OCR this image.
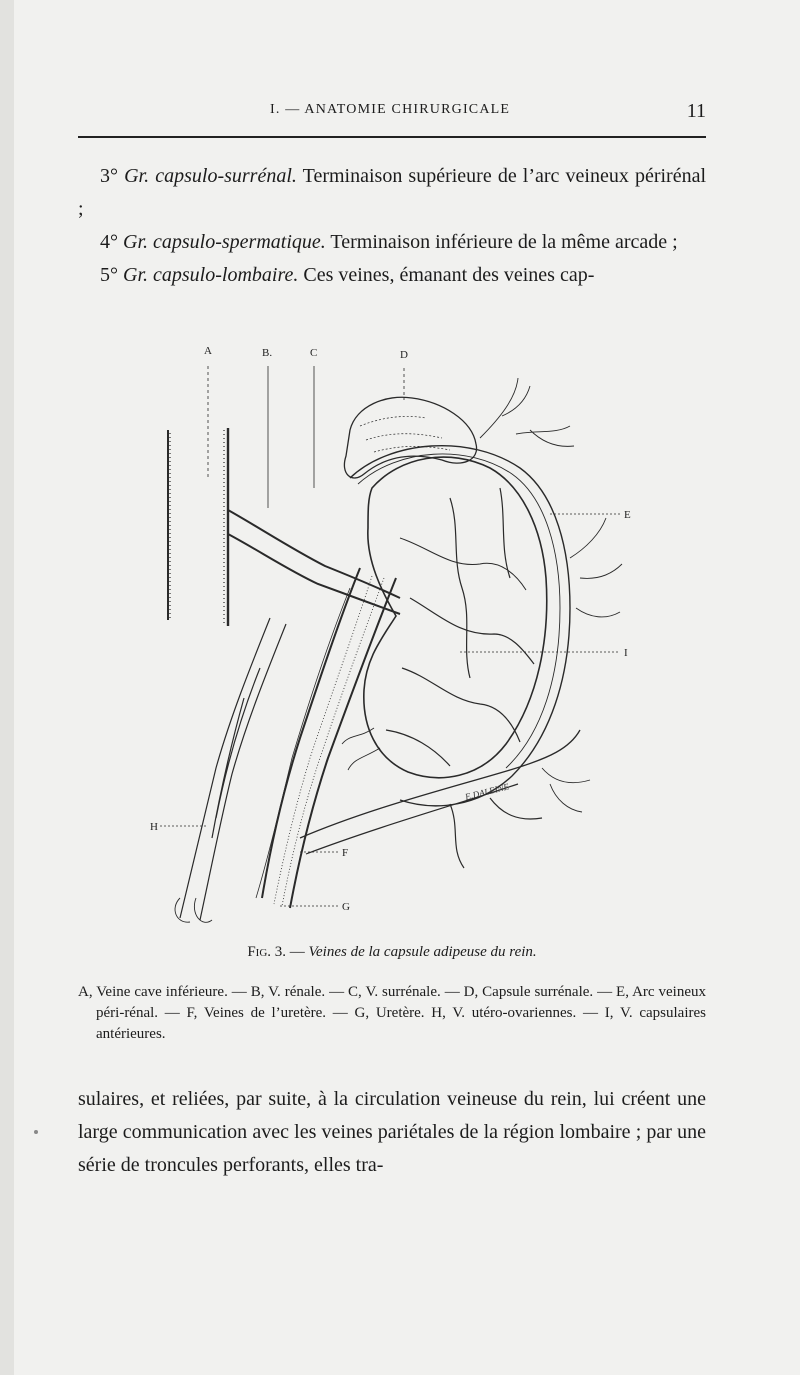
I. — ANATOMIE CHIRURGICALE	11

3° Gr. capsulo-surrénal. Terminaison supérieure de l’arc veineux périrénal ;

4° Gr. capsulo-spermatique. Terminaison inférieure de la même arcade ;

5° Gr. capsulo-lombaire. Ces veines, émanant des veines cap-

A	B.	C	D
E
I
H
F
G
E.DALEINE
Fig. 3. — Veines de la capsule adipeuse du rein.

A, Veine cave inférieure. — B, V. rénale. — C, V. surrénale. — D, Capsule surrénale. — E, Arc veineux péri-rénal. — F, Veines de l’uretère. — G, Uretère. H, V. utéro-ovariennes. — I, V. capsulaires antérieures.

sulaires, et reliées, par suite, à la circulation veineuse du rein, lui créent une large communication avec les veines pariétales de la région lombaire ; par une série de troncules perforants, elles tra-
